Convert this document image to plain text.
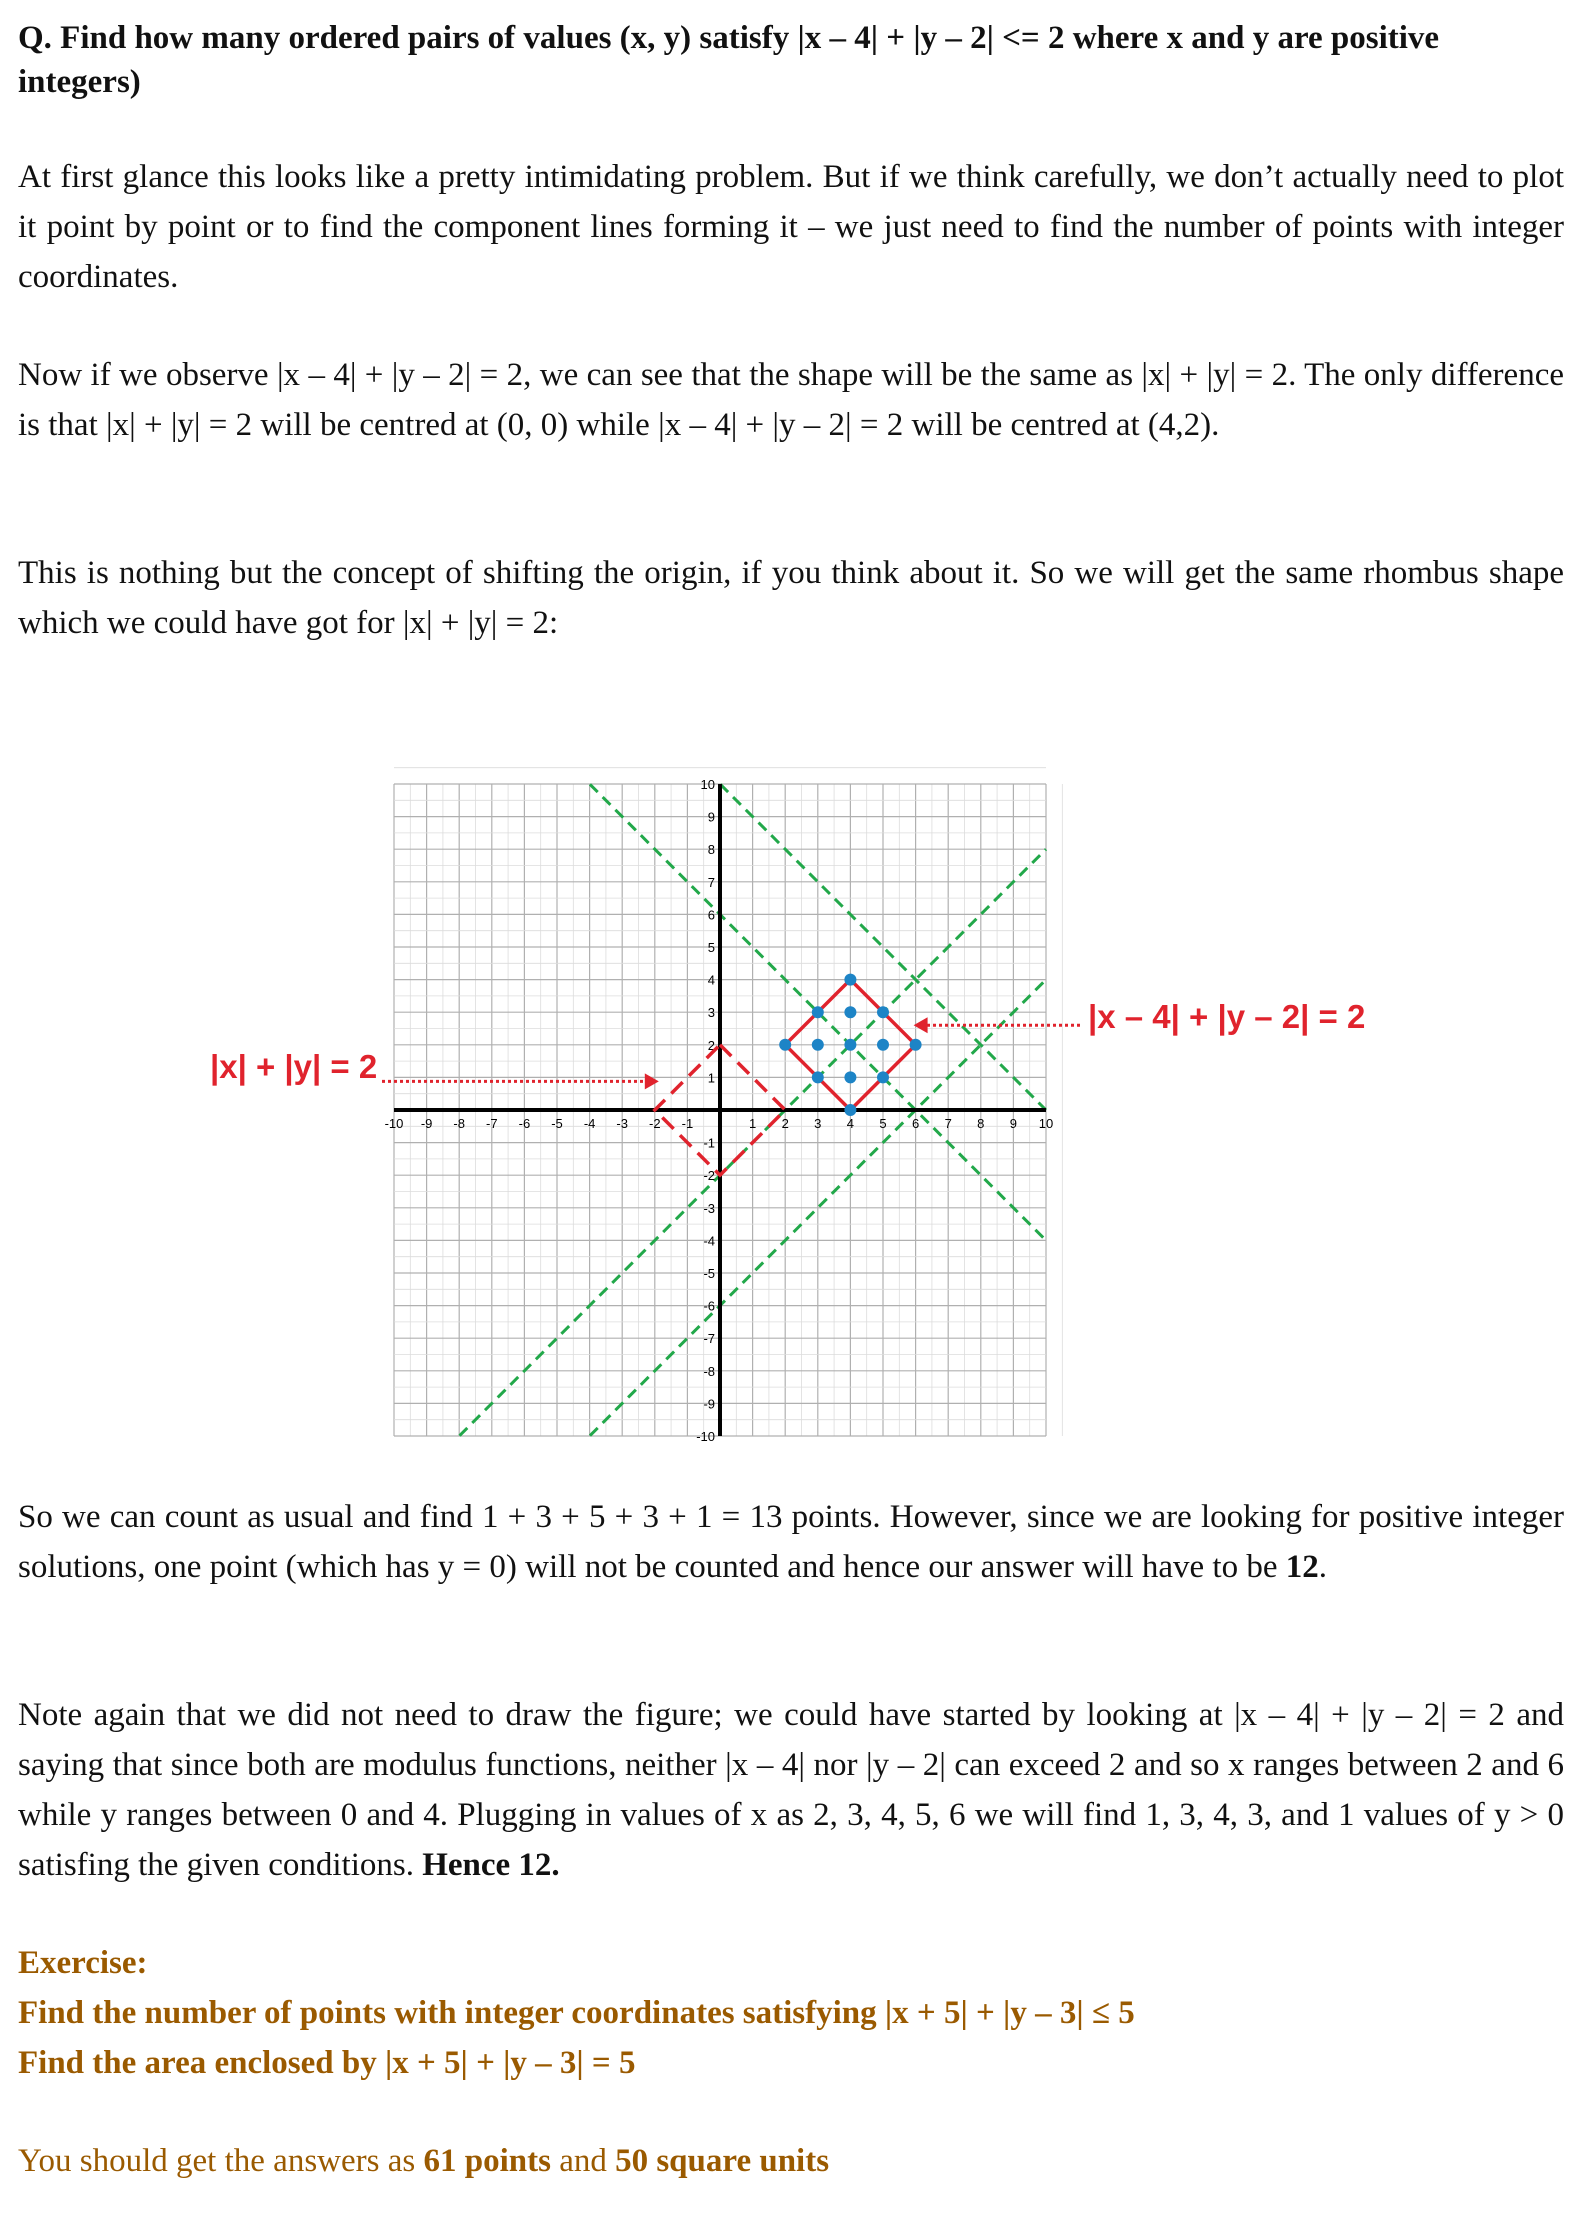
Q. Find how many ordered pairs of values (x, y) satisfy |x – 4| + |y – 2| <= 2 where x and y are positive integers)

At first glance this looks like a pretty intimidating problem. But if we think carefully, we don’t actually need to plot it point by point or to find the component lines forming it – we just need to find the number of points with integer coordinates.

Now if we observe |x – 4| + |y – 2| = 2, we can see that the shape will be the same as |x| + |y| = 2. The only difference is that |x| + |y| = 2 will be centred at (0, 0) while |x – 4| + |y – 2| = 2 will be centred at (4,2).

This is nothing but the concept of shifting the origin, if you think about it. So we will get the same rhombus shape which we could have got for |x| + |y| = 2:

-10 -9 -8 -7 -6 -5 -4 -3 -2 -1	1 2 3 4 5 6 7 8 9 10
10
9
8
7
6
5
4
3
2
1
-1
-2
-3
-4
-5
-6
-7
-8
-9
-10
|x| + |y| = 2
|x – 4| + |y – 2| = 2

So we can count as usual and find 1 + 3 + 5 + 3 + 1 = 13 points. However, since we are looking for positive integer solutions, one point (which has y = 0) will not be counted and hence our answer will have to be 12.

Note again that we did not need to draw the figure; we could have started by looking at |x – 4| + |y – 2| = 2 and saying that since both are modulus functions, neither |x – 4| nor |y – 2| can exceed 2 and so x ranges between 2 and 6 while y ranges between 0 and 4. Plugging in values of x as 2, 3, 4, 5, 6 we will find 1, 3, 4, 3, and 1 values of y > 0 satisfing the given conditions. Hence 12.

Exercise:
Find the number of points with integer coordinates satisfying |x + 5| + |y – 3| ≤ 5
Find the area enclosed by |x + 5| + |y – 3| = 5

You should get the answers as 61 points and 50 square units
